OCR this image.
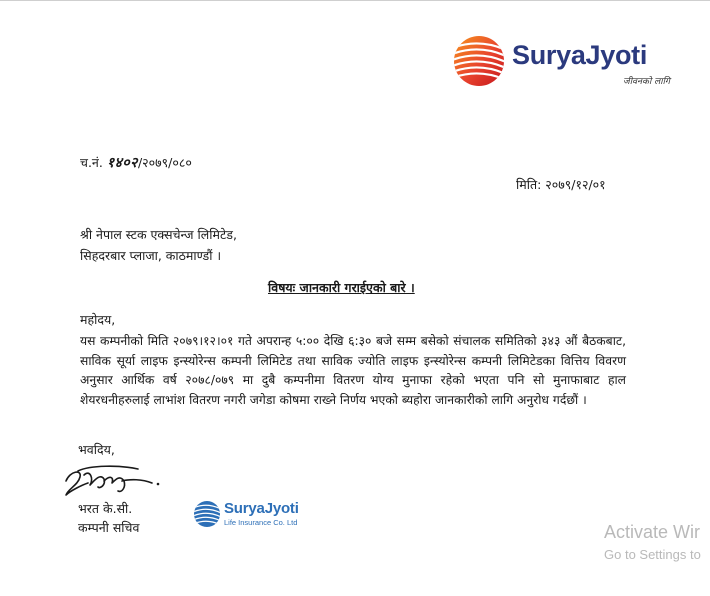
SuryaJyoti
जीवनको लागि
च.नं. १४०२/२०७९/०८०
मिति: २०७९/१२/०१
श्री नेपाल स्टक एक्सचेन्ज लिमिटेड,
सिहदरबार प्लाजा, काठमाण्डौं ।
विषयः जानकारी गराईएको बारे ।
महोदय,
यस कम्पनीको मिति २०७९।१२।०१ गते अपरान्ह ५:०० देखि ६:३० बजे सम्म बसेको संचालक समितिको ३४३ औं बैठकबाट, साविक सूर्या लाइफ इन्स्योरेन्स कम्पनी लिमिटेड तथा साविक ज्योति लाइफ इन्स्योरेन्स कम्पनी लिमिटेडका वित्तिय विवरण अनुसार आर्थिक वर्ष २०७८/०७९ मा दुबै कम्पनीमा वितरण योग्य मुनाफा रहेको भएता पनि सो मुनाफाबाट हाल शेयरधनीहरुलाई लाभांश वितरण नगरी जगेडा कोषमा राख्ने निर्णय भएको ब्यहोरा जानकारीको लागि अनुरोध गर्दछौं ।
भवदिय,
भरत के.सी.
कम्पनी सचिव
SuryaJyoti
Life Insurance Co. Ltd	Activate Wir
Go to Settings to
